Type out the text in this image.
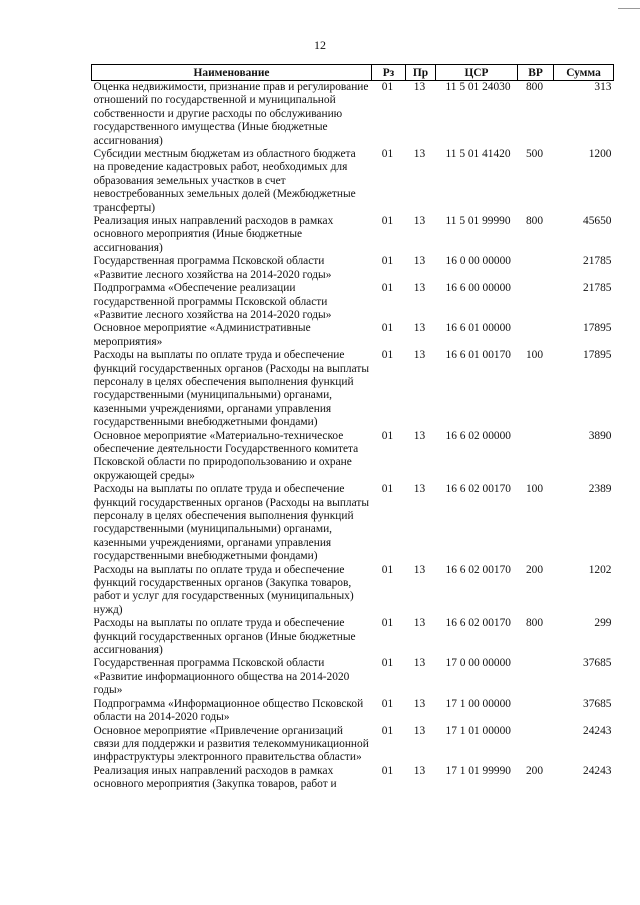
12
Наименование	Рз	Пр	ЦСР	ВР	Сумма
Оценка недвижимости, признание прав и регулирование отношений по государственной и муниципальной собственности и другие расходы по обслуживанию государственного имущества (Иные бюджетные ассигнования)	01	13	11 5 01 24030	800	313
Субсидии местным бюджетам из областного бюджета на проведение кадастровых работ, необходимых для образования земельных участков в счет невостребованных земельных долей (Межбюджетные трансферты)	01	13	11 5 01 41420	500	1200
Реализация иных направлений расходов в рамках основного мероприятия (Иные бюджетные ассигнования)	01	13	11 5 01 99990	800	45650
Государственная программа Псковской области «Развитие лесного хозяйства на 2014-2020 годы»	01	13	16 0 00 00000		21785
Подпрограмма «Обеспечение реализации государственной программы Псковской области «Развитие лесного хозяйства на 2014-2020 годы»	01	13	16 6 00 00000		21785
Основное мероприятие «Административные мероприятия»	01	13	16 6 01 00000		17895
Расходы на выплаты по оплате труда и обеспечение функций государственных органов (Расходы на выплаты персоналу в целях обеспечения выполнения функций государственными (муниципальными) органами, казенными учреждениями, органами управления государственными внебюджетными фондами)	01	13	16 6 01 00170	100	17895
Основное мероприятие «Материально-техническое обеспечение деятельности Государственного комитета Псковской области по природопользованию и охране окружающей среды»	01	13	16 6 02 00000		3890
Расходы на выплаты по оплате труда и обеспечение функций государственных органов (Расходы на выплаты персоналу в целях обеспечения выполнения функций государственными (муниципальными) органами, казенными учреждениями, органами управления государственными внебюджетными фондами)	01	13	16 6 02 00170	100	2389
Расходы на выплаты по оплате труда и обеспечение функций государственных органов (Закупка товаров, работ и услуг для государственных (муниципальных) нужд)	01	13	16 6 02 00170	200	1202
Расходы на выплаты по оплате труда и обеспечение функций государственных органов (Иные бюджетные ассигнования)	01	13	16 6 02 00170	800	299
Государственная программа Псковской области «Развитие информационного общества на 2014-2020 годы»	01	13	17 0 00 00000		37685
Подпрограмма «Информационное общество Псковской области на 2014-2020 годы»	01	13	17 1 00 00000		37685
Основное мероприятие «Привлечение организаций связи для поддержки и развития телекоммуникационной инфраструктуры электронного правительства области»	01	13	17 1 01 00000		24243
Реализация иных направлений расходов в рамках основного мероприятия (Закупка товаров, работ и	01	13	17 1 01 99990	200	24243
